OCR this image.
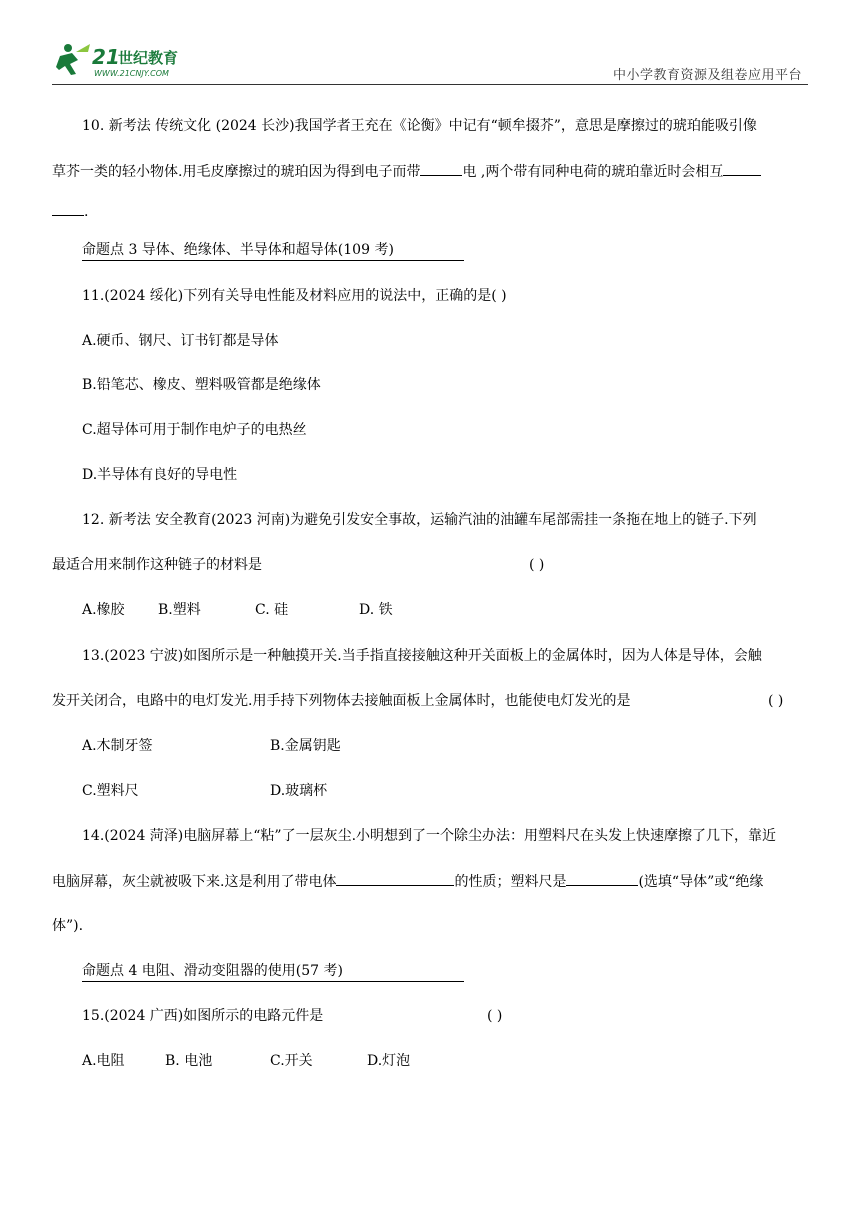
21
世纪教育
WWW.21CNJY.COM	中小学教育资源及组卷应用平台
10. 新考法 传统文化 (2024 长沙)我国学者王充在《论衡》中记有“顿牟掇芥”，意思是摩擦过的琥珀能吸引像
草芥一类的轻小物体.用毛皮摩擦过的琥珀因为得到电子而带	电 ,两个带有同种电荷的琥珀靠近时会相互
.
命题点 3 导体、绝缘体、半导体和超导体(109 考)
11.(2024 绥化)下列有关导电性能及材料应用的说法中，正确的是( )
A.硬币、钢尺、订书钉都是导体
B.铅笔芯、橡皮、塑料吸管都是绝缘体
C.超导体可用于制作电炉子的电热丝
D.半导体有良好的导电性
12. 新考法 安全教育(2023 河南)为避免引发安全事故，运输汽油的油罐车尾部需挂一条拖在地上的链子.下列
最适合用来制作这种链子的材料是	( )
A.橡胶 B.塑料	C. 硅	D. 铁
13.(2023 宁波)如图所示是一种触摸开关.当手指直接接触这种开关面板上的金属体时，因为人体是导体，会触
发开关闭合，电路中的电灯发光.用手持下列物体去接触面板上金属体时，也能使电灯发光的是	( )
A.木制牙签	B.金属钥匙
C.塑料尺	D.玻璃杯
14.(2024 菏泽)电脑屏幕上“粘”了一层灰尘.小明想到了一个除尘办法：用塑料尺在头发上快速摩擦了几下，靠近
电脑屏幕，灰尘就被吸下来.这是利用了带电体	的性质；塑料尺是	(选填“导体”或“绝缘
体”).
命题点 4 电阻、滑动变阻器的使用(57 考)
15.(2024 广西)如图所示的电路元件是	( )
A.电阻	B. 电池	C.开关	D.灯泡
